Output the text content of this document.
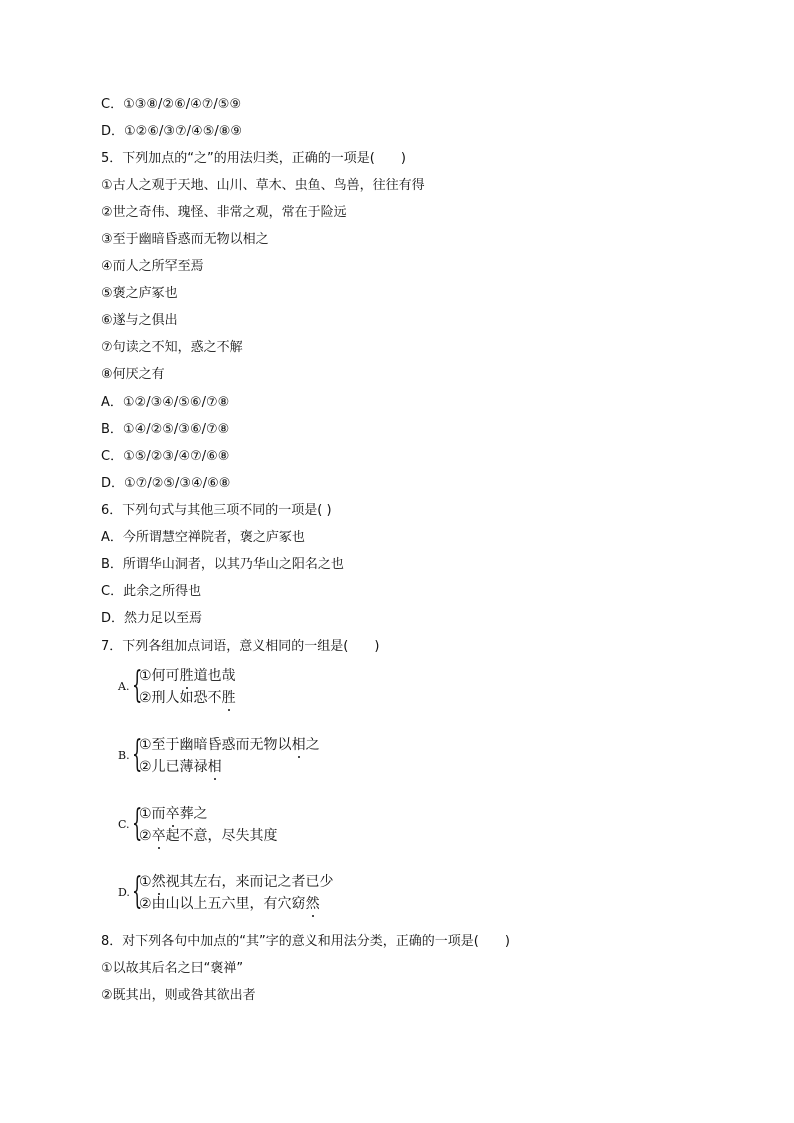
C．①③⑧/②⑥/④⑦/⑤⑨
D．①②⑥/③⑦/④⑤/⑧⑨
5．下列加点的“之”的用法归类，正确的一项是(　　)
①古人之观于天地、山川、草木、虫鱼、鸟兽，往往有得
②世之奇伟、瑰怪、非常之观，常在于险远
③至于幽暗昏惑而无物以相之
④而人之所罕至焉
⑤褒之庐冢也
⑥遂与之俱出
⑦句读之不知，惑之不解
⑧何厌之有
A．①②/③④/⑤⑥/⑦⑧
B．①④/②⑤/③⑥/⑦⑧
C．①⑤/②③/④⑦/⑥⑧
D．①⑦/②⑤/③④/⑥⑧
6．下列句式与其他三项不同的一项是( )
A．今所谓慧空禅院者，褒之庐冢也
B．所谓华山洞者，以其乃华山之阳名之也
C．此余之所得也
D．然力足以至焉
7．下列各组加点词语，意义相同的一组是(　　)
A. {
①何可胜道也哉
②刑人如恐不胜
B. {
①至于幽暗昏惑而无物以相之
②儿已薄禄相
C. {
①而卒葬之
②卒起不意，尽失其度
D. {
①然视其左右，来而记之者已少
②由山以上五六里，有穴窈然
8．对下列各句中加点的“其”字的意义和用法分类，正确的一项是(　　)
①以故其后名之曰“褒禅”
②既其出，则或咎其欲出者
